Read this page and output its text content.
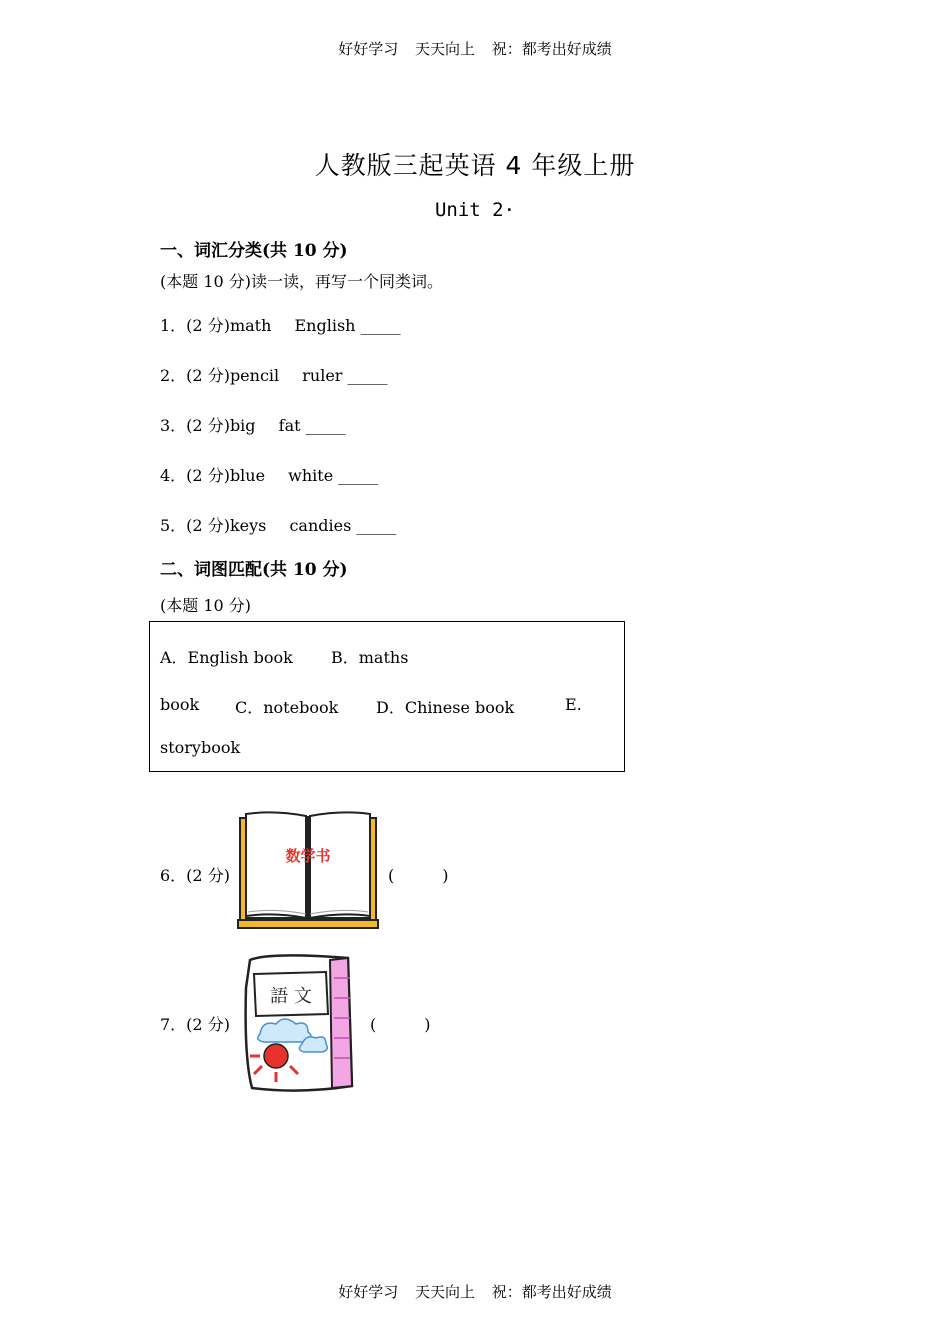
好好学习 天天向上 祝：都考出好成绩
人教版三起英语 4 年级上册
Unit 2·
一、词汇分类(共 10 分)
(本题 10 分)读一读，再写一个同类词。
1．(2 分)math English _____
2．(2 分)pencil ruler _____
3．(2 分)big fat _____
4．(2 分)blue white _____
5．(2 分)keys candies _____
二、词图匹配(共 10 分)
(本题 10 分)
A．English book B．maths
book C．notebook D．Chinese book	E.
storybook
6．(2 分)
数学书
(　　　)
7．(2 分)
語 文
(　　　)
好好学习 天天向上 祝：都考出好成绩
